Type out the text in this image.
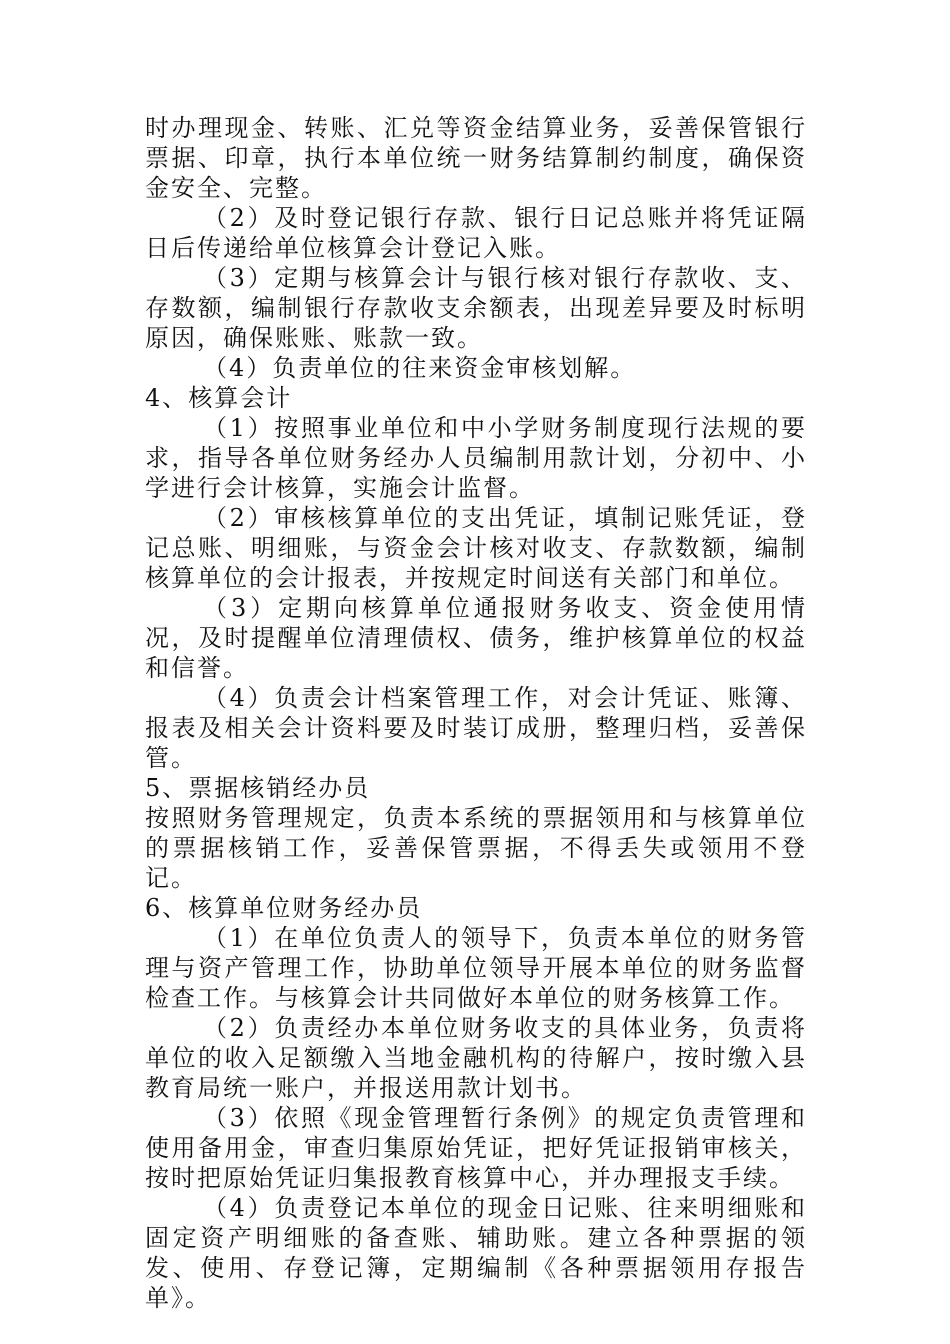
时办理现金、转账、汇兑等资金结算业务，妥善保管银行票据、印章，执行本单位统一财务结算制约制度，确保资金安全、完整。

（2）及时登记银行存款、银行日记总账并将凭证隔日后传递给单位核算会计登记入账。

（3）定期与核算会计与银行核对银行存款收、支、存数额，编制银行存款收支余额表，出现差异要及时标明原因，确保账账、账款一致。

（4）负责单位的往来资金审核划解。

4、核算会计

（1）按照事业单位和中小学财务制度现行法规的要求，指导各单位财务经办人员编制用款计划，分初中、小学进行会计核算，实施会计监督。

（2）审核核算单位的支出凭证，填制记账凭证，登记总账、明细账，与资金会计核对收支、存款数额，编制核算单位的会计报表，并按规定时间送有关部门和单位。

（3）定期向核算单位通报财务收支、资金使用情况，及时提醒单位清理债权、债务，维护核算单位的权益和信誉。

（4）负责会计档案管理工作，对会计凭证、账簿、报表及相关会计资料要及时装订成册，整理归档，妥善保管。

5、票据核销经办员

按照财务管理规定，负责本系统的票据领用和与核算单位的票据核销工作，妥善保管票据，不得丢失或领用不登记。

6、核算单位财务经办员

（1）在单位负责人的领导下，负责本单位的财务管理与资产管理工作，协助单位领导开展本单位的财务监督检查工作。与核算会计共同做好本单位的财务核算工作。

（2）负责经办本单位财务收支的具体业务，负责将单位的收入足额缴入当地金融机构的待解户，按时缴入县教育局统一账户，并报送用款计划书。

（3）依照《现金管理暂行条例》的规定负责管理和使用备用金，审查归集原始凭证，把好凭证报销审核关，按时把原始凭证归集报教育核算中心，并办理报支手续。

（4）负责登记本单位的现金日记账、往来明细账和固定资产明细账的备查账、辅助账。建立各种票据的领发、使用、存登记簿，定期编制《各种票据领用存报告单》。
